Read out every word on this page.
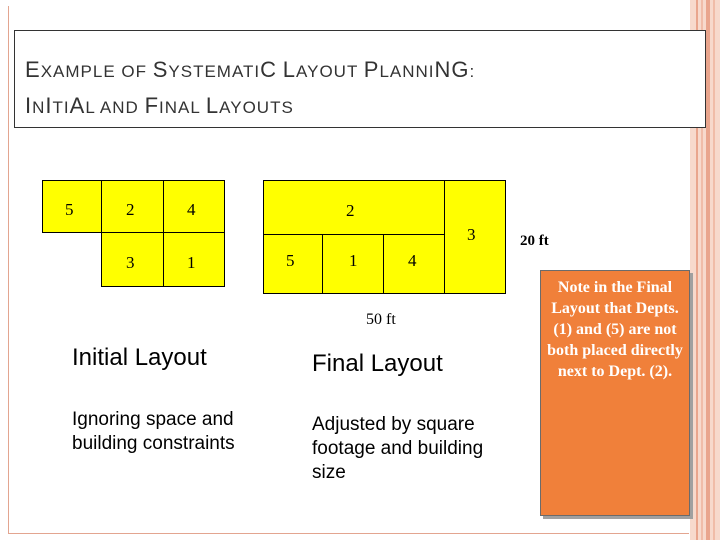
EXAMPLE OF SYSTEMATIC LAYOUT PLANNING:
INITIAL AND FINAL LAYOUTS
5	2	4
3	1
2
3
5	1	4
20 ft
50 ft
Initial Layout	Final Layout
Ignoring space and building constraints
Adjusted by square footage and building size
Note in the Final Layout that Depts. (1) and (5) are not both placed directly next to Dept. (2).
